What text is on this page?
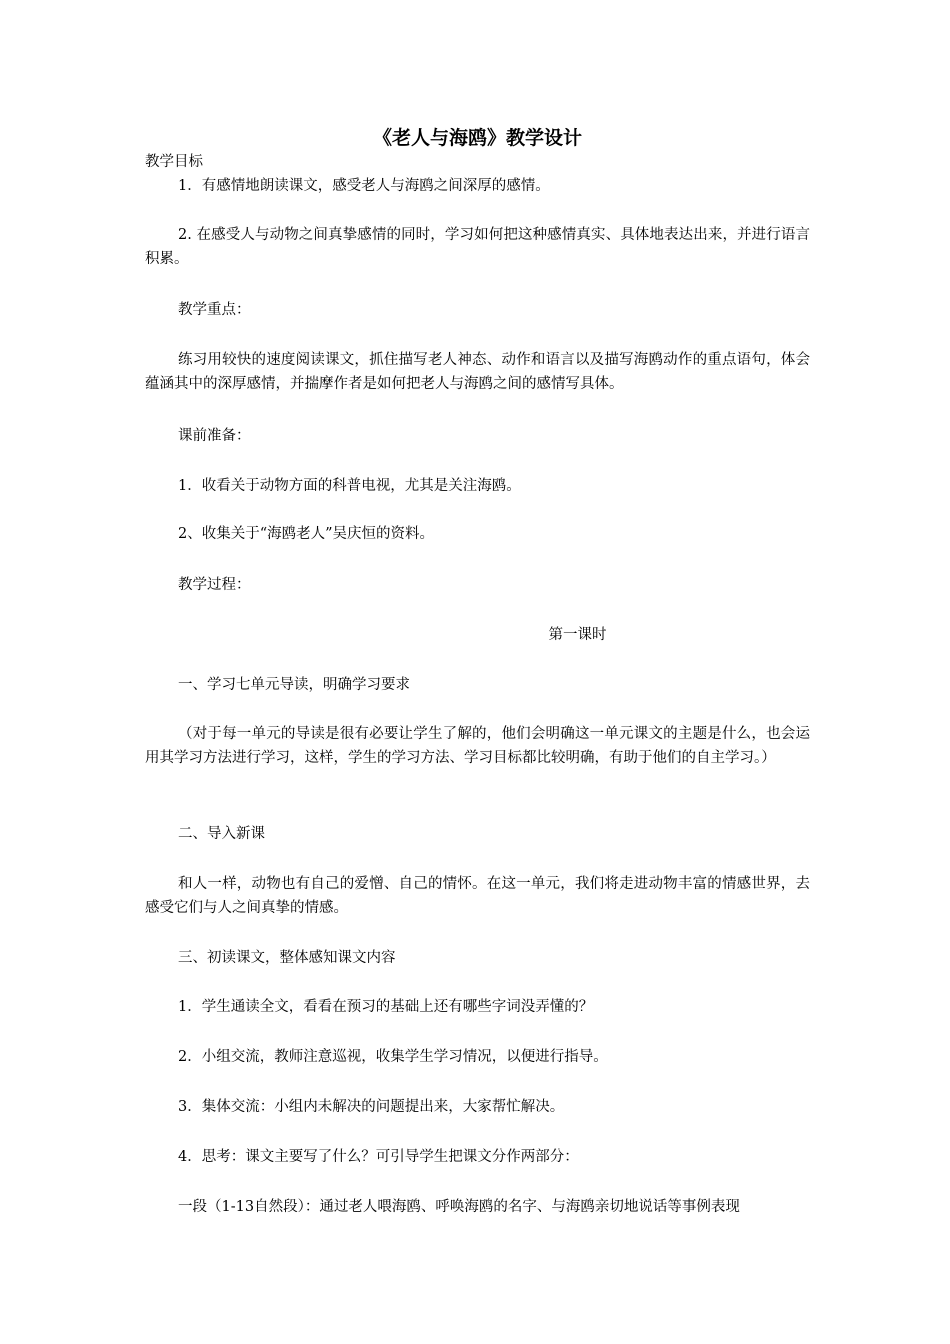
《老人与海鸥》教学设计

教学目标

1．有感情地朗读课文，感受老人与海鸥之间深厚的感情。

2. 在感受人与动物之间真挚感情的同时，学习如何把这种感情真实、具体地表达出来，并进行语言积累。

教学重点：

练习用较快的速度阅读课文，抓住描写老人神态、动作和语言以及描写海鸥动作的重点语句，体会蕴涵其中的深厚感情，并揣摩作者是如何把老人与海鸥之间的感情写具体。

课前准备：

1．收看关于动物方面的科普电视，尤其是关注海鸥。

2、收集关于“海鸥老人”吴庆恒的资料。

教学过程：

第一课时

一、学习七单元导读，明确学习要求

（对于每一单元的导读是很有必要让学生了解的，他们会明确这一单元课文的主题是什么，也会运用其学习方法进行学习，这样，学生的学习方法、学习目标都比较明确，有助于他们的自主学习。）

二、导入新课

和人一样，动物也有自己的爱憎、自己的情怀。在这一单元，我们将走进动物丰富的情感世界，去感受它们与人之间真挚的情感。

三、初读课文，整体感知课文内容

1．学生通读全文，看看在预习的基础上还有哪些字词没弄懂的？

2．小组交流，教师注意巡视，收集学生学习情况，以便进行指导。

3．集体交流：小组内未解决的问题提出来，大家帮忙解决。

4．思考：课文主要写了什么？可引导学生把课文分作两部分：

一段（1-13自然段）：通过老人喂海鸥、呼唤海鸥的名字、与海鸥亲切地说话等事例表现
